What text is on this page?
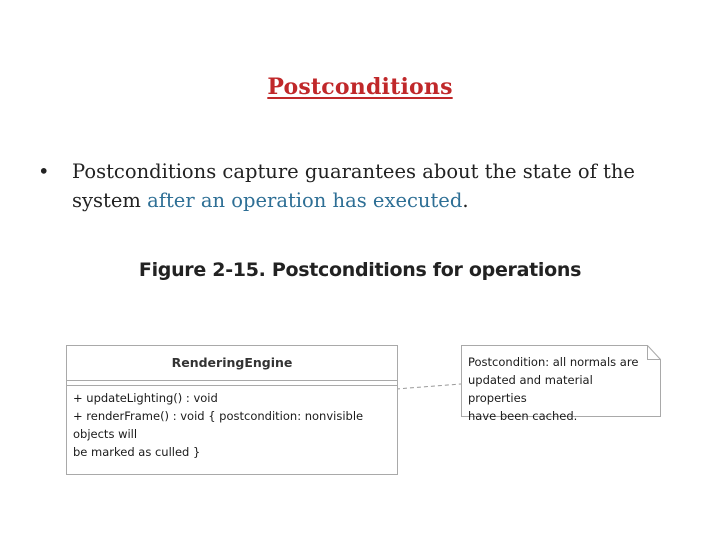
Postconditions
• Postconditions capture guarantees about the state of the system after an operation has executed.
Figure 2-15. Postconditions for operations
RenderingEngine
+ updateLighting() : void
+ renderFrame() : void { postcondition: nonvisible objects will
be marked as culled }
Postcondition: all normals are
updated and material properties
have been cached.
